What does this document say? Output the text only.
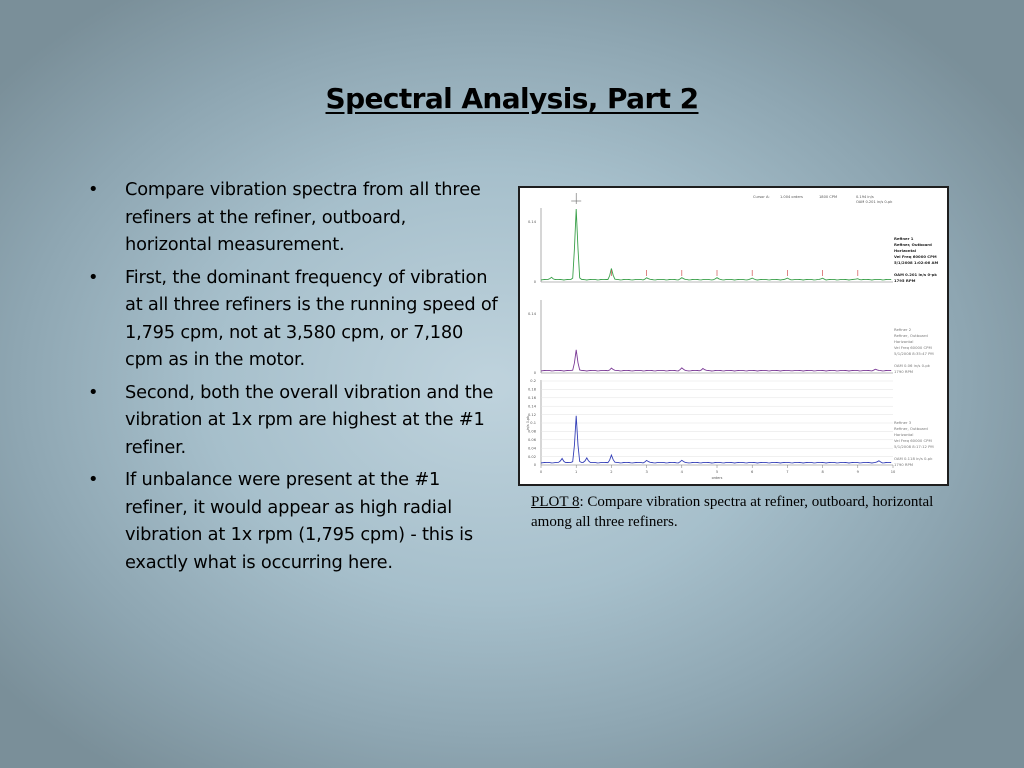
Spectral Analysis, Part 2
• Compare vibration spectra from all three refiners at the refiner, outboard, horizontal measurement.
• First, the dominant frequency of vibration at all three refiners is the running speed of 1,795 cpm, not at 3,580 cpm, or 7,180 cpm as in the motor.
• Second, both the overall vibration and the vibration at 1x rpm are highest at the #1 refiner.
• If unbalance were present at the #1 refiner, it would appear as high radial vibration at 1x rpm (1,795 cpm) - this is exactly what is occurring here.
Cursor A:	1.004 orders	1800 CPM	0.194 in/s
OAM 0.201 in/s 0-pk
0.14
0
Refiner 1
Refiner, Outboard
Horizontal
Vel Freq 60000 CPM
5/1/2008 1:02:06 AM
OAM 0.201 in/s 0-pk
1795 RPM
0.14
0
Refiner 2
Refiner, Outboard
Horizontal
Vel Freq 60000 CPM
5/1/2008 8:35:47 PM
OAM 0.06 in/s 0-pk
1790 RPM
0.2
0.18
0.16
0.14
0.12
0.1
0.08
0.06
0.04
0.02
0
in/s 0-pk	Refiner 3
Refiner, Outboard
Horizontal
Vel Freq 60000 CPM
5/1/2008 8:17:12 PM
OAM 0.118 in/s 0-pk
1790 RPM
0	1	2	3	4	5	6	7	8	9	10
orders
PLOT 8: Compare vibration spectra at refiner, outboard, horizontal among all three refiners.
